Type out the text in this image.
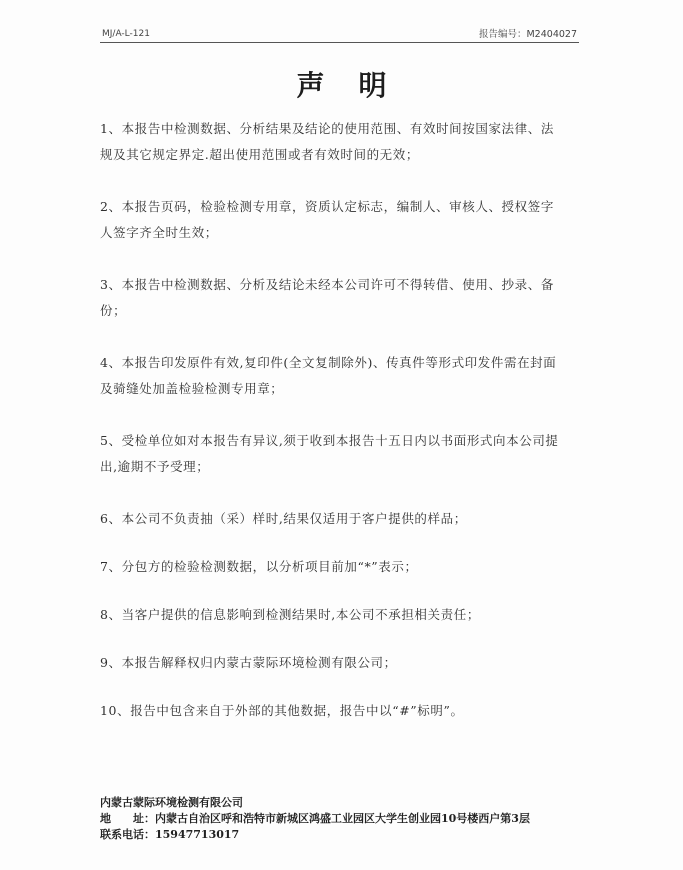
MJ/A-L-121	报告编号：M2404027
声明
1、本报告中检测数据、分析结果及结论的使用范围、有效时间按国家法律、法
规及其它规定界定.超出使用范围或者有效时间的无效；
2、本报告页码，检验检测专用章，资质认定标志，编制人、审核人、授权签字
人签字齐全时生效；
3、本报告中检测数据、分析及结论未经本公司许可不得转借、使用、抄录、备
份；
4、本报告印发原件有效,复印件(全文复制除外)、传真件等形式印发件需在封面
及骑缝处加盖检验检测专用章；
5、受检单位如对本报告有异议,须于收到本报告十五日内以书面形式向本公司提
出,逾期不予受理；
6、本公司不负责抽（采）样时,结果仅适用于客户提供的样品；
7、分包方的检验检测数据，以分析项目前加“*”表示；
8、当客户提供的信息影响到检测结果时,本公司不承担相关责任；
9、本报告解释权归内蒙古蒙际环境检测有限公司；
10、报告中包含来自于外部的其他数据，报告中以“#”标明”。
内蒙古蒙际环境检测有限公司
地　　址：内蒙古自治区呼和浩特市新城区鸿盛工业园区大学生创业园10号楼西户第3层
联系电话：15947713017
